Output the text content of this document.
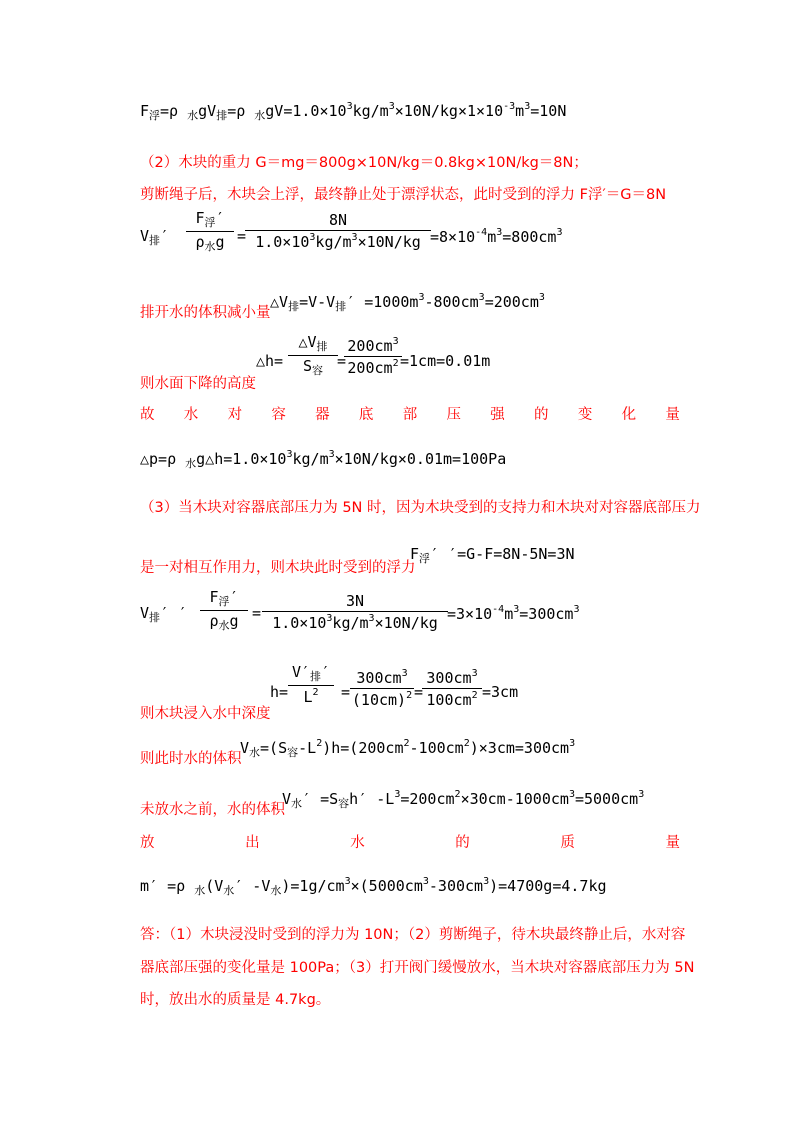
$F_浮=\rho$ $_水gV_排=\rho$ $_水gV=1.0\times 10^3kg/m^3\times 10N/kg\times 1\times 10^{-3}m^3=10N$
（2）木块的重力 G＝mg＝800g×10N/kg＝0.8kg×10N/kg＝8N；
剪断绳子后，木块会上浮，最终静止处于漂浮状态，此时受到的浮力 F浮′＝G＝8N
$V_排'$
$F_浮'$
$\rho_水g$ =
8N
$1.0\times 10^3kg/m^3\times 10N/kg =8\times 10^{-4}m^3=800cm^3$
排开水的体积减小量
$\triangle V_排=V-V_排' =1000m^3-800cm^3=200cm^3$
则水面下降的高度
△h=
$\triangle V_排$
$S_容$
=
$200cm^3$
$200cm^2 =1cm=0.01m$
故 水 对 容 器 底 部 压 强 的 变 化 量
△p=ρ $_水g\triangle h=1.0\times 10^3kg/m^3\times 10N/kg\times 0.01m=100Pa$
（3）当木块对容器底部压力为 5N 时，因为木块受到的支持力和木块对对容器底部压力
是一对相互作用力，则木块此时受到的浮力
$F_浮'$ ′=G-F=8N-5N=3N
$V_排'$ ′
$F_浮'$
$\rho_水g$ =
3N
$1.0\times 10^3kg/m^3\times 10N/kg =3\times 10^{-4}m^3=300cm^3$
则木块浸入水中深度
h=
$V'_排'$
$L^2$ =
$300cm^3$
$(10cm)^2$ =
$300cm^3$
$100cm^2 =3cm$
则此时水的体积
$V_水=(S_容-L^2)h=(200cm^2-100cm^2)\times 3cm=300cm^3$
未放水之前，水的体积
$V_水' =S_容h'$ $-L^3=200cm^2\times 30cm-1000cm^3=5000cm^3$
放	出	水	的	质	量
m′ =ρ $_水(V_水'$ $-V_水)=1g/cm^3\times(5000cm^3-300cm^3)=4700g=4.7kg$
答：（1）木块浸没时受到的浮力为 10N；（2）剪断绳子，待木块最终静止后，水对容
器底部压强的变化量是 100Pa；（3）打开阀门缓慢放水，当木块对容器底部压力为 5N
时，放出水的质量是 4.7kg。
